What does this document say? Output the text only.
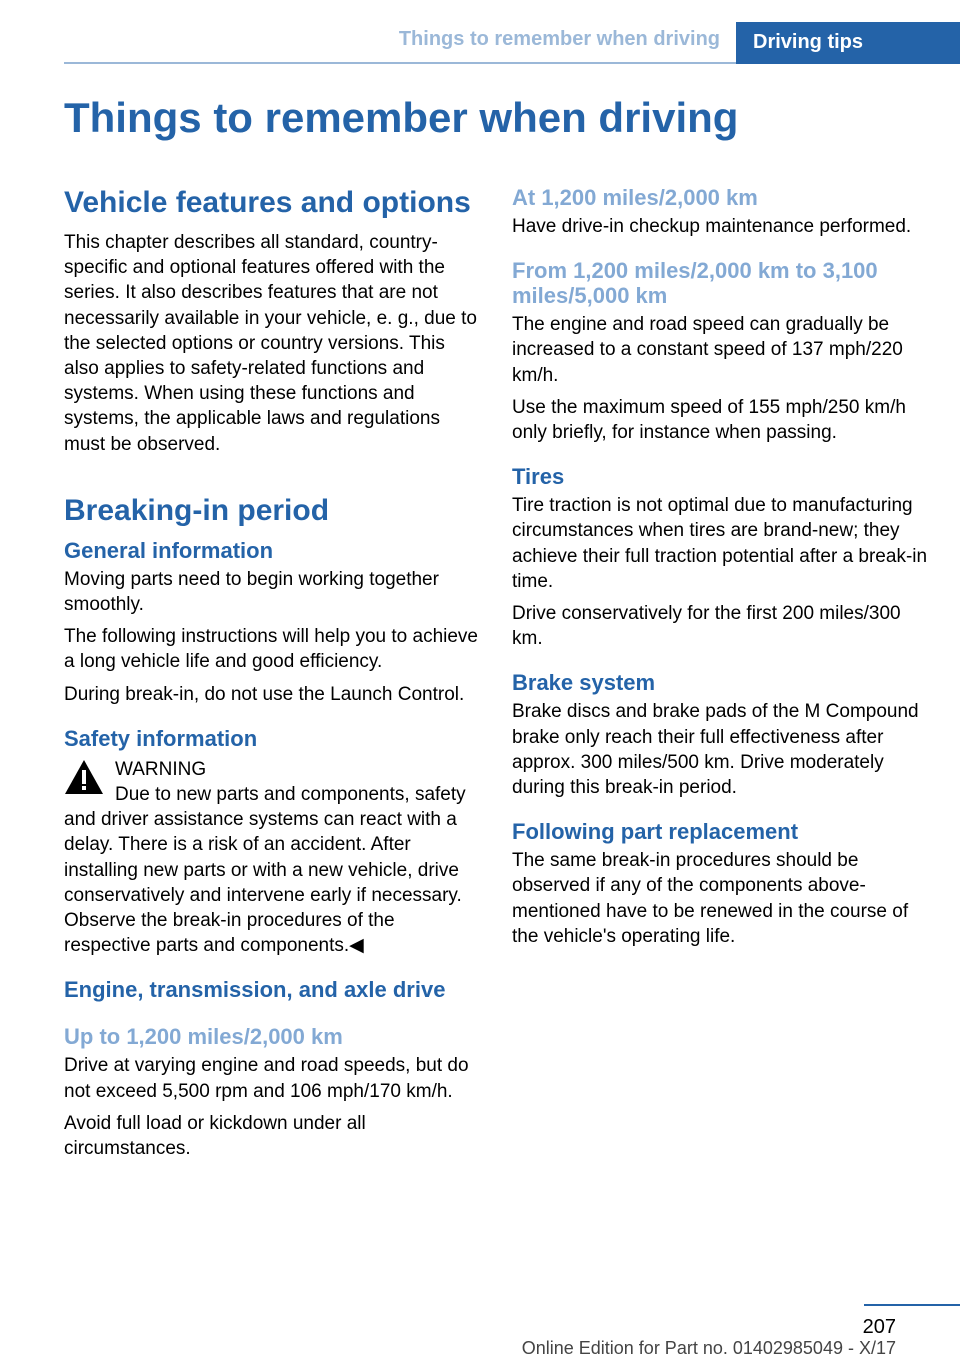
Things to remember when driving	Driving tips
Things to remember when driving
Vehicle features and options

This chapter describes all standard, country-specific and optional features offered with the series. It also describes features that are not necessarily available in your vehicle, e. g., due to the selected options or country versions. This also applies to safety-related functions and systems. When using these functions and systems, the applicable laws and regulations must be observed.

Breaking-in period
General information

Moving parts need to begin working together smoothly.

The following instructions will help you to achieve a long vehicle life and good efficiency.

During break-in, do not use the Launch Control.

Safety information
WARNING

Due to new parts and components, safety and driver assistance systems can react with a delay. There is a risk of an accident. After installing new parts or with a new vehicle, drive conservatively and intervene early if necessary. Observe the break-in procedures of the respective parts and components.◀

Engine, transmission, and axle drive
Up to 1,200 miles/2,000 km

Drive at varying engine and road speeds, but do not exceed 5,500 rpm and 106 mph/170 km/h.

Avoid full load or kickdown under all circumstances.

At 1,200 miles/2,000 km

Have drive-in checkup maintenance performed.

From 1,200 miles/2,000 km to 3,100 miles/5,000 km

The engine and road speed can gradually be increased to a constant speed of 137 mph/220 km/h.

Use the maximum speed of 155 mph/250 km/h only briefly, for instance when passing.

Tires

Tire traction is not optimal due to manufacturing circumstances when tires are brand-new; they achieve their full traction potential after a break-in time.

Drive conservatively for the first 200 miles/300 km.

Brake system

Brake discs and brake pads of the M Compound brake only reach their full effectiveness after approx. 300 miles/500 km. Drive moderately during this break-in period.

Following part replacement

The same break-in procedures should be observed if any of the components above-mentioned have to be renewed in the course of the vehicle's operating life.

207
Online Edition for Part no. 01402985049 - X/17
